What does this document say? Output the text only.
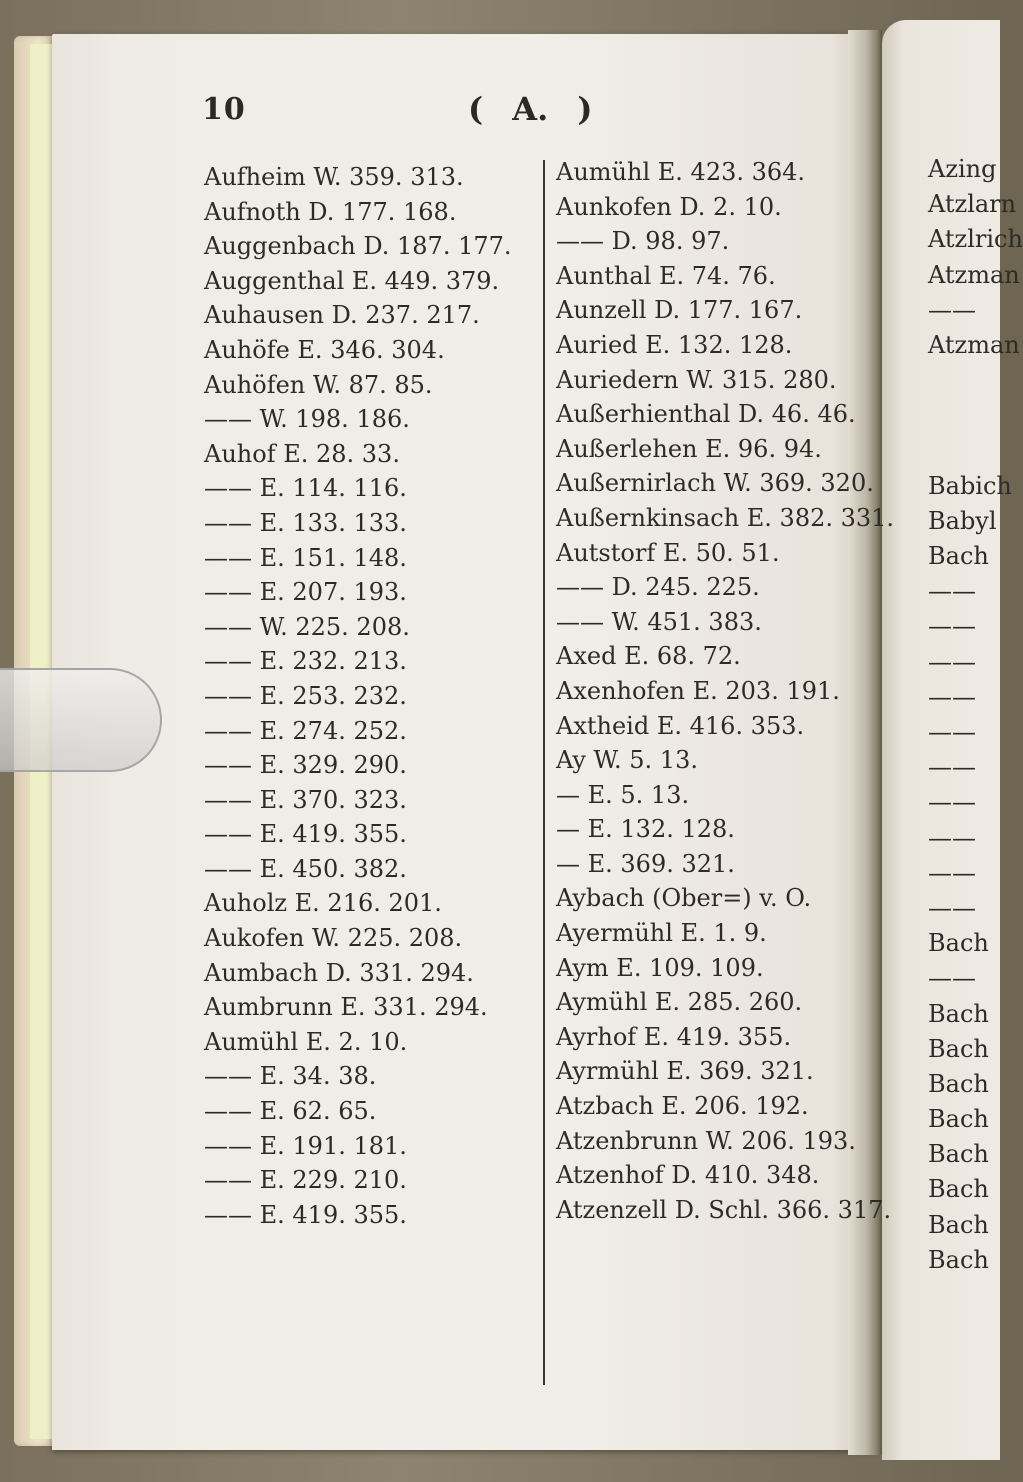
10	( A. )
Aufheim W. 359. 313.
Aufnoth D. 177. 168.
Auggenbach D. 187. 177.
Auggenthal E. 449. 379.
Auhausen D. 237. 217.
Auhöfe E. 346. 304.
Auhöfen W. 87. 85.
—— W. 198. 186.
Auhof E. 28. 33.
—— E. 114. 116.
—— E. 133. 133.
—— E. 151. 148.
—— E. 207. 193.
—— W. 225. 208.
—— E. 232. 213.
—— E. 253. 232.
—— E. 274. 252.
—— E. 329. 290.
—— E. 370. 323.
—— E. 419. 355.
—— E. 450. 382.
Auholz E. 216. 201.
Aukofen W. 225. 208.
Aumbach D. 331. 294.
Aumbrunn E. 331. 294.
Aumühl E. 2. 10.
—— E. 34. 38.
—— E. 62. 65.
—— E. 191. 181.
—— E. 229. 210.
—— E. 419. 355.
Aumühl E. 423. 364.
Aunkofen D. 2. 10.
—— D. 98. 97.
Aunthal E. 74. 76.
Aunzell D. 177. 167.
Auried E. 132. 128.
Auriedern W. 315. 280.
Außerhienthal D. 46. 46.
Außerlehen E. 96. 94.
Außernirlach W. 369. 320.
Außernkinsach E. 382. 331.
Autstorf E. 50. 51.
—— D. 245. 225.
—— W. 451. 383.
Axed E. 68. 72.
Axenhofen E. 203. 191.
Axtheid E. 416. 353.
Ay W. 5. 13.
— E. 5. 13.
— E. 132. 128.
— E. 369. 321.
Aybach (Ober=) v. O.
Ayermühl E. 1. 9.
Aym E. 109. 109.
Aymühl E. 285. 260.
Ayrhof E. 419. 355.
Ayrmühl E. 369. 321.
Atzbach E. 206. 192.
Atzenbrunn W. 206. 193.
Atzenhof D. 410. 348.
Atzenzell D. Schl. 366. 317.
Azing
Atzlarn
Atzlrich
Atzman
——
Atzman
Babich
Babyl
Bach
——
——
——
——
——
——
——
——
——
——
Bach
——
Bach
Bach
Bach
Bach
Bach
Bach
Bach
Bach
